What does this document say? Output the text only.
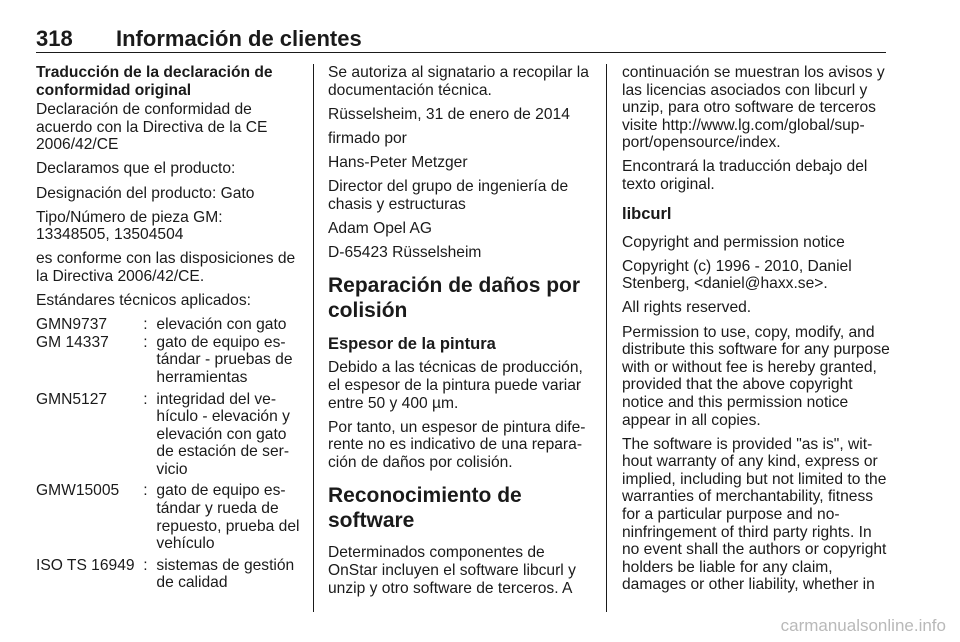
318 Información de clientes

Traducción de la declaración de conformidad original

Declaración de conformidad de acuerdo con la Directiva de la CE 2006/42/CE

Declaramos que el producto:

Designación del producto: Gato

Tipo/Número de pieza GM: 13348505, 13504504

es conforme con las disposiciones de la Directiva 2006/42/CE.

Estándares técnicos aplicados:

GMN9737	:	elevación con gato
GM 14337	:	gato de equipo estándar - pruebas de herramientas
GMN5127	:	integridad del vehículo - elevación y elevación con gato de estación de servicio
GMW15005	:	gato de equipo estándar y rueda de repuesto, prueba del vehículo
ISO TS 16949	:	sistemas de gestión de calidad

Se autoriza al signatario a recopilar la documentación técnica.

Rüsselsheim, 31 de enero de 2014

firmado por

Hans-Peter Metzger

Director del grupo de ingeniería de chasis y estructuras

Adam Opel AG

D-65423 Rüsselsheim

Reparación de daños por colisión
Espesor de la pintura

Debido a las técnicas de producción, el espesor de la pintura puede variar entre 50 y 400 µm.

Por tanto, un espesor de pintura diferente no es indicativo de una reparación de daños por colisión.

Reconocimiento de software

Determinados componentes de OnStar incluyen el software libcurl y unzip y otro software de terceros. A

continuación se muestran los avisos y las licencias asociados con libcurl y unzip, para otro software de terceros visite http://www.lg.com/global/support/opensource/index.

Encontrará la traducción debajo del texto original.

libcurl

Copyright and permission notice

Copyright (c) 1996 - 2010, Daniel Stenberg, <daniel@haxx.se>.

All rights reserved.

Permission to use, copy, modify, and distribute this software for any purpose with or without fee is hereby granted, provided that the above copyright notice and this permission notice appear in all copies.

The software is provided "as is", without warranty of any kind, express or implied, including but not limited to the warranties of merchantability, fitness for a particular purpose and noninfringement of third party rights. In no event shall the authors or copyright holders be liable for any claim, damages or other liability, whether in

carmanualsonline.info
